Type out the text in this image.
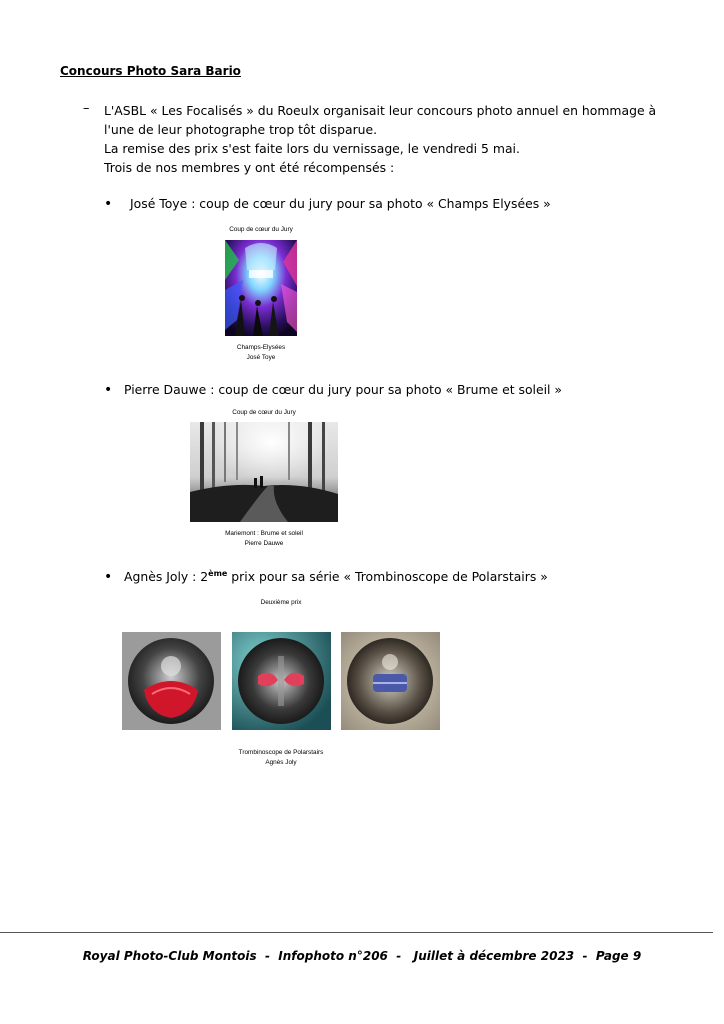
Concours Photo Sara Bario
– L'ASBL « Les Focalisés » du Roeulx organisait leur concours photo annuel en hommage à
l'une de leur photographe trop tôt disparue.
La remise des prix s'est faite lors du vernissage, le vendredi 5 mai.
Trois de nos membres y ont été récompensés :
• José Toye : coup de cœur du jury pour sa photo « Champs Elysées »
Coup de cœur du Jury
Champs-Elysées
José Toye
• Pierre Dauwe : coup de cœur du jury pour sa photo « Brume et soleil »
Coup de cœur du Jury
Mariemont : Brume et soleil
Pierre Dauwe
• Agnès Joly : 2ème prix pour sa série « Trombinoscope de Polarstairs »
Deuxième prix
Trombinoscope de Polarstairs
Agnès Joly
Royal Photo-Club Montois  -  Infophoto n°206  -   Juillet à décembre 2023  -  Page 9
